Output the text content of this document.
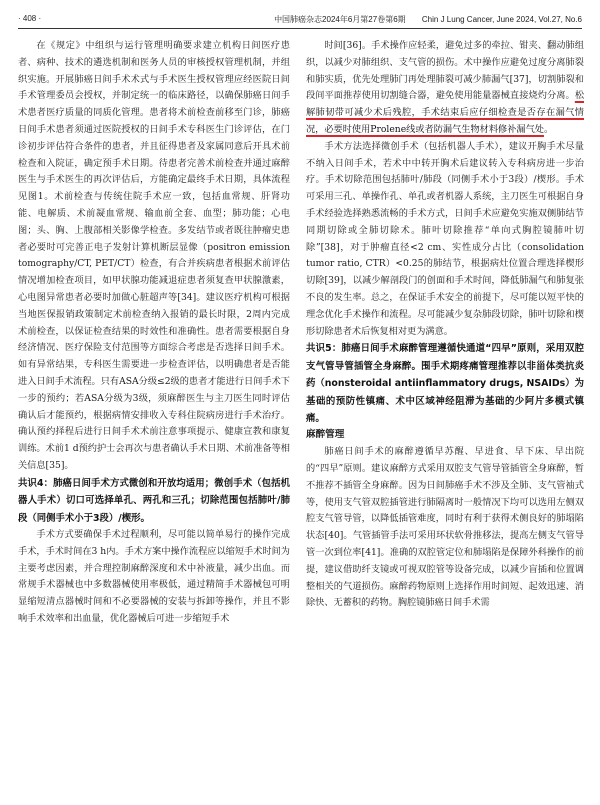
· 408 ·	中国肺癌杂志2024年6月第27卷第6期 Chin J Lung Cancer, June 2024, Vol.27, No.6

在《规定》中组织与运行管理明确要求建立机构日间医疗患者、病种、技术的遴选机制和医务人员的审核授权管理机制，并组织实施。开展肺癌日间手术术式与手术医生授权管理应经医院日间手术管理委员会授权，并制定统一的临床路径，以确保肺癌日间手术患者医疗质量的同质化管理。患者将术前检查前移至门诊，肺癌日间手术患者须通过医院授权的日间手术专科医生门诊评估，在门诊初步评估符合条件的患者，并且征得患者及家属同意后开具术前检查和入院证，确定预手术日期。待患者完善术前检查并通过麻醉医生与手术医生的再次评估后，方能确定最终手术日期，具体流程见图1。术前检查与传统住院手术应一致，包括血常规、肝肾功能、电解质、术前凝血常规、输血前全套、血型；肺功能；心电图；头、胸、上腹部相关影像学检查。多发结节或者既往肿瘤史患者必要时可完善正电子发射计算机断层显像（positron emission tomography/CT, PET/CT）检查，有合并疾病患者根据术前评估情况增加检查项目，如甲状腺功能减退症患者须复查甲状腺激素，心电图异常患者必要时加做心脏超声等[34]。建议医疗机构可根据当地医保报销政策制定术前检查纳入报销的最长时限，2周内完成术前检查，以保证检查结果的时效性和准确性。患者需要根据自身经济情况、医疗保险支付范围等方面综合考虑是否选择日间手术。如有异常结果，专科医生需要进一步检查评估，以明确患者是否能进入日间手术流程。只有ASA分级≤2级的患者才能进行日间手术下一步的预约；若ASA分级为3级，须麻醉医生与主刀医生同时评估确认后才能预约，根据病情安排收入专科住院病房进行手术治疗。确认预约择程后进行日间手术术前注意事项提示、健康宣教和康复训练。术前1 d预约护士会再次与患者确认手术日期、术前准备等相关信息[35]。

共识4：肺癌日间手术方式微创和开放均适用；微创手术（包括机器人手术）切口可选择单孔、两孔和三孔；切除范围包括肺叶/肺段（同侧手术小于3段）/楔形。

手术方式要确保手术过程顺利，尽可能以简单易行的操作完成手术，手术时间在3 h内。手术方案中操作流程应以缩短手术时间为主要考虑因素，并合理控制麻醉深度和术中补液量，减少出血。而常规手术器械也中多数器械使用率极低，通过精简手术器械包可明显缩短清点器械时间和不必要器械的安装与拆卸等操作，并且不影响手术效率和出血量，优化器械后可进一步缩短手术

时间[36]。手术操作应轻柔，避免过多的牵拉、钳夹、翻动肺组织，以减少对肺组织、支气管的损伤。术中操作应避免过度分离肺裂和肺实质，优先处理肺门再处理肺裂可减少肺漏气[37]，切割肺裂和段间平面推荐使用切割缝合器，避免使用能量器械直接烧灼分离。松解肺韧带可减少术后残腔，手术结束后应仔细检查是否存在漏气情况，必要时使用Prolene线或者防漏气生物材料修补漏气处。

手术方法选择微创手术（包括机器人手术），建议开胸手术尽量不纳入日间手术，若术中中转开胸术后建议转入专科病房进一步治疗。手术切除范围包括肺叶/肺段（同侧手术小于3段）/楔形。手术可采用三孔、单操作孔、单孔或者机器人系统，主刀医生可根据自身手术经验选择熟悉流畅的手术方式，日间手术应避免实施双侧肺结节同期切除或全肺切除术。肺叶切除推荐“单向式胸腔镜肺叶切除”[38]，对于肿瘤直径<2 cm、实性成分占比（consolidation tumor ratio, CTR）<0.25的肺结节，根据病灶位置合理选择楔形切除[39]，以减少解剖段门的创面和手术时间，降低肺漏气和肺复张不良的发生率。总之，在保证手术安全的前提下，尽可能以短平快的理念优化手术操作和流程。尽可能减少复杂肺段切除，肺叶切除和楔形切除患者术后恢复相对更为满意。

共识5：肺癌日间手术麻醉管理遵循快通道“四早”原则，采用双腔支气管导管插管全身麻醉。围手术期疼痛管理推荐以非甾体类抗炎药（nonsteroidal antiinflammatory drugs, NSAIDs）为基础的预防性镇痛、术中区域神经阻滞为基础的少阿片多模式镇痛。

麻醉管理

肺癌日间手术的麻醉遵循早苏醒、早进食、早下床、早出院的“四早”原则。建议麻醉方式采用双腔支气管导管插管全身麻醉，暂不推荐不插管全身麻醉。因为日间肺癌手术不涉及全肺、支气管袖式等，使用支气管双腔插管进行肺隔离时一般情况下均可以选用左侧双腔支气管导管，以降低插管难度，同时有利于获得术侧良好的肺塌陷状态[40]。气管插管手法可采用环状软骨推移法，提高左侧支气管导管一次到位率[41]。准确的双腔管定位和肺塌陷是保障外科操作的前提，建议借助纤支镜或可视双腔管等设备完成，以减少盲插和位置调整相关的气道损伤。麻醉药物原则上选择作用时间短、起效迅速、消除快、无蓄积的药物。胸腔镜肺癌日间手术需
